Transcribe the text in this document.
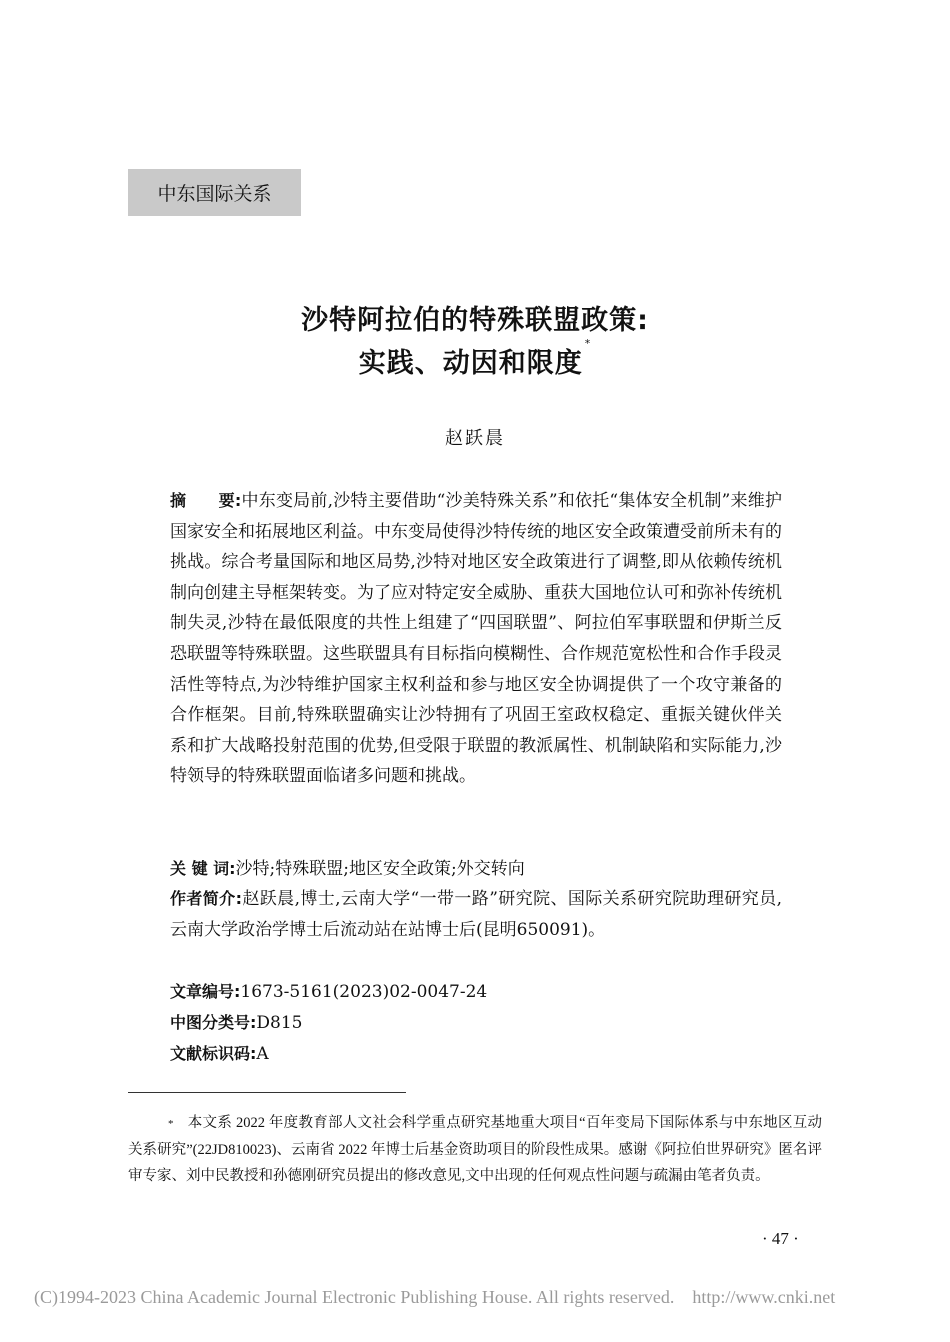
中东国际关系
沙特阿拉伯的特殊联盟政策:
实践、动因和限度*
赵跃晨
摘　　要:中东变局前,沙特主要借助“沙美特殊关系”和依托“集体安全机制”来维护国家安全和拓展地区利益。中东变局使得沙特传统的地区安全政策遭受前所未有的挑战。综合考量国际和地区局势,沙特对地区安全政策进行了调整,即从依赖传统机制向创建主导框架转变。为了应对特定安全威胁、重获大国地位认可和弥补传统机制失灵,沙特在最低限度的共性上组建了“四国联盟”、阿拉伯军事联盟和伊斯兰反恐联盟等特殊联盟。这些联盟具有目标指向模糊性、合作规范宽松性和合作手段灵活性等特点,为沙特维护国家主权利益和参与地区安全协调提供了一个攻守兼备的合作框架。目前,特殊联盟确实让沙特拥有了巩固王室政权稳定、重振关键伙伴关系和扩大战略投射范围的优势,但受限于联盟的教派属性、机制缺陷和实际能力,沙特领导的特殊联盟面临诸多问题和挑战。
关 键 词:沙特;特殊联盟;地区安全政策;外交转向
作者简介:赵跃晨,博士,云南大学“一带一路”研究院、国际关系研究院助理研究员,云南大学政治学博士后流动站在站博士后(昆明650091)。
文章编号:1673-5161(2023)02-0047-24
中图分类号:D815
文献标识码:A
* 本文系 2022 年度教育部人文社会科学重点研究基地重大项目“百年变局下国际体系与中东地区互动关系研究”(22JD810023)、云南省 2022 年博士后基金资助项目的阶段性成果。感谢《阿拉伯世界研究》匿名评审专家、刘中民教授和孙德刚研究员提出的修改意见,文中出现的任何观点性问题与疏漏由笔者负责。
· 47 ·
(C)1994-2023 China Academic Journal Electronic Publishing House. All rights reserved. http://www.cnki.net
